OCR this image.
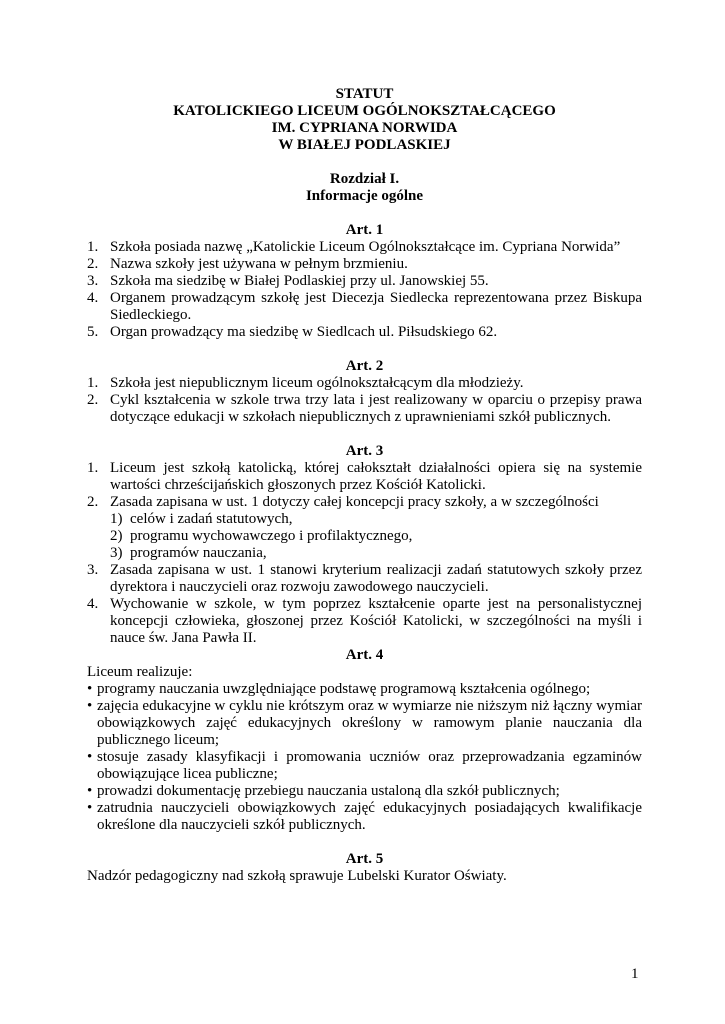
STATUT
KATOLICKIEGO LICEUM OGÓLNOKSZTAŁCĄCEGO
IM. CYPRIANA NORWIDA
W BIAŁEJ PODLASKIEJ
Rozdział I.
Informacje ogólne
Art. 1
1. Szkoła posiada nazwę „Katolickie Liceum Ogólnokształcące im. Cypriana Norwida”
2. Nazwa szkoły jest używana w pełnym brzmieniu.
3. Szkoła ma siedzibę w Białej Podlaskiej przy ul. Janowskiej 55.
4. Organem prowadzącym szkołę jest Diecezja Siedlecka reprezentowana przez Biskupa Siedleckiego.
5. Organ prowadzący ma siedzibę w Siedlcach ul. Piłsudskiego 62.
Art. 2
1. Szkoła jest niepublicznym liceum ogólnokształcącym dla młodzieży.
2. Cykl kształcenia w szkole trwa trzy lata i jest realizowany w oparciu o przepisy prawa dotyczące edukacji w szkołach niepublicznych z uprawnieniami szkół publicznych.
Art. 3
1. Liceum jest szkołą katolicką, której całokształt działalności opiera się na systemie wartości chrześcijańskich głoszonych przez Kościół Katolicki.
2. Zasada zapisana w ust. 1 dotyczy całej koncepcji pracy szkoły, a w szczególności
1) celów i zadań statutowych,
2) programu wychowawczego i profilaktycznego,
3) programów nauczania,
3. Zasada zapisana w ust. 1 stanowi kryterium realizacji zadań statutowych szkoły przez dyrektora i nauczycieli oraz rozwoju zawodowego nauczycieli.
4. Wychowanie w szkole, w tym poprzez kształcenie oparte jest na personalistycznej koncepcji człowieka, głoszonej przez Kościół Katolicki, w szczególności na myśli i nauce św. Jana Pawła II.
Art. 4
Liceum realizuje:
• programy nauczania uwzględniające podstawę programową kształcenia ogólnego;
• zajęcia edukacyjne w cyklu nie krótszym oraz w wymiarze nie niższym niż łączny wymiar obowiązkowych zajęć edukacyjnych określony w ramowym planie nauczania dla publicznego liceum;
• stosuje zasady klasyfikacji i promowania uczniów oraz przeprowadzania egzaminów obowiązujące licea publiczne;
• prowadzi dokumentację przebiegu nauczania ustaloną dla szkół publicznych;
• zatrudnia nauczycieli obowiązkowych zajęć edukacyjnych posiadających kwalifikacje określone dla nauczycieli szkół publicznych.
Art. 5
Nadzór pedagogiczny nad szkołą sprawuje Lubelski Kurator Oświaty.
1
